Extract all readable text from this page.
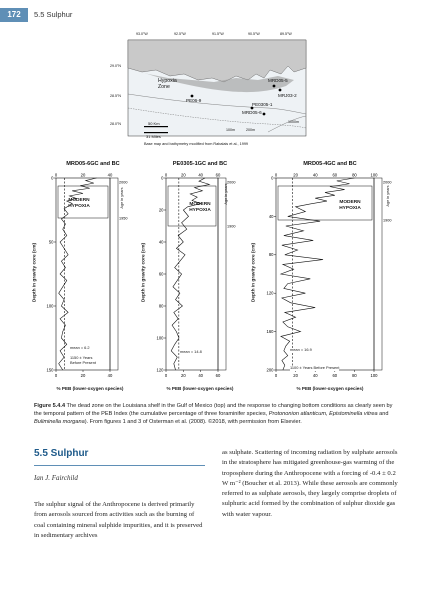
172	5.5 Sulphur
93.0°W	92.5°W	91.5°W	90.5°W	89.5°W
29.0°N
28.5°N
28.0°N
Hypoxia
Zone
PE06-9
MRD05-6
MRJ03-2
PE0305-1
MRD05-5
50 Km
31 Miles
100m	200m
1000m
Base map and bathymetry modified from Rabalais et al., 1999
MRD05-6GC and BC
0
0
20
20
40
40
0
50
100
150
2000
1950
MODERN
HYPOXIA
mean = 6.2
1150 ± Years
Before Present
% PEB (lower-oxygen species)
Depth in gravity core (cm)
Age in years
PE0305-1GC and BC
0
0
20
20
40
40
60
60
0
20
40
60
80
100
120
2000
1900
MODERN
HYPOXIA
mean = 14.8
% PEB (lower-oxygen species)
Depth in gravity core (cm)
Age in years
MRD05-4GC and BC
0
0
20
20
40
40
60
60
80
80
100
100
0
40
80
120
160
200
2000
1900
MODERN
HYPOXIA
mean = 16.9
1100 ± Years Before Present
% PEB (lower-oxygen species)
Depth in gravity core (cm)
Age in years
Figure 5.4.4 The dead zone on the Louisiana shelf in the Gulf of Mexico (top) and the response to changing bottom conditions as clearly seen by the temporal pattern of the PEB Index (the cumulative percentage of three foraminifer species, Protononion atlanticum, Epistominella vitrea and Buliminella morgana). From figures 1 and 3 of Osterman et al. (2008). ©2018, with permission from Elsevier.
5.5 Sulphur
Ian J. Fairchild
The sulphur signal of the Anthropocene is derived primarily from aerosols sourced from activities such as the burning of coal containing mineral sulphide impurities, and it is preserved in sedimentary archives
as sulphate. Scattering of incoming radiation by sulphate aerosols in the stratosphere has mitigated greenhouse-gas warming of the troposphere during the Anthropocene with a forcing of -0.4 ± 0.2 W m⁻² (Boucher et al. 2013). While these aerosols are commonly referred to as sulphate aerosols, they largely comprise droplets of sulphuric acid formed by the combination of sulphur dioxide gas with water vapour.
